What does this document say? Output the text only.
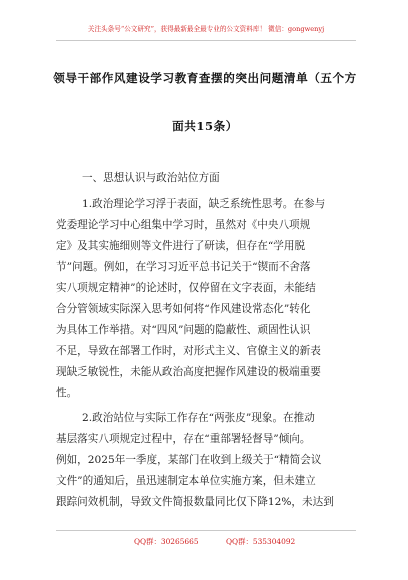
关注头条号“公文研究”，获得最新最全最专业的公文资料库！ 微信：gongwenyj
领导干部作风建设学习教育查摆的突出问题清单（五个方
面共15条）
一、思想认识与政治站位方面
1.政治理论学习浮于表面，缺乏系统性思考。在参与
党委理论学习中心组集中学习时，虽然对《中央八项规
定》及其实施细则等文件进行了研读，但存在“学用脱
节”问题。例如，在学习习近平总书记关于“锲而不舍落
实八项规定精神”的论述时，仅停留在文字表面，未能结
合分管领域实际深入思考如何将“作风建设常态化”转化
为具体工作举措。对“四风”问题的隐蔽性、顽固性认识
不足，导致在部署工作时，对形式主义、官僚主义的新表
现缺乏敏锐性，未能从政治高度把握作风建设的极端重要
性。
2.政治站位与实际工作存在“两张皮”现象。在推动
基层落实八项规定过程中，存在“重部署轻督导”倾向。
例如，2025年一季度，某部门在收到上级关于“精简会议
文件”的通知后，虽迅速制定本单位实施方案，但未建立
跟踪问效机制，导致文件简报数量同比仅下降12%，未达到
QQ群：30265665	QQ群：535304092
